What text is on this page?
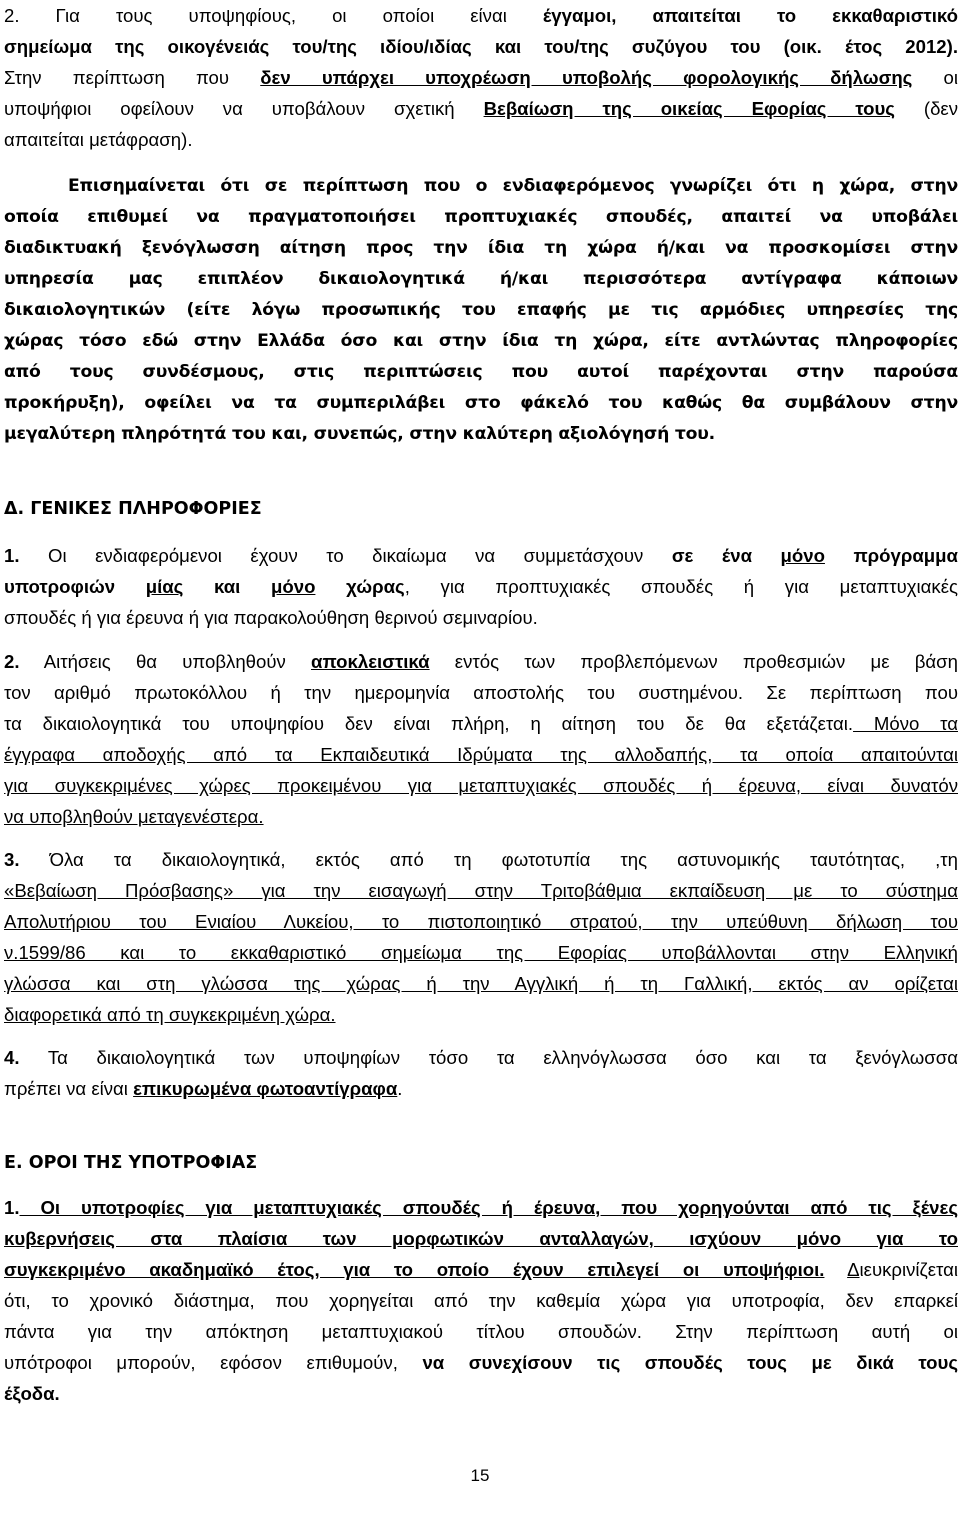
2. Για τους υποψηφίους, οι οποίοι είναι έγγαμοι, απαιτείται το εκκαθαριστικό
σημείωμα της οικογένειάς του/της ιδίου/ιδίας και του/της συζύγου του (οικ. έτος 2012).
Στην περίπτωση που δεν υπάρχει υποχρέωση υποβολής φορολογικής δήλωσης οι
υποψήφιοι οφείλουν να υποβάλουν σχετική Βεβαίωση της οικείας Εφορίας τους (δεν
απαιτείται μετάφραση).
Επισημαίνεται ότι σε περίπτωση που ο ενδιαφερόμενος γνωρίζει ότι η χώρα, στην
οποία επιθυμεί να πραγματοποιήσει προπτυχιακές σπουδές, απαιτεί να υποβάλει
διαδικτυακή ξενόγλωσση αίτηση προς την ίδια τη χώρα ή/και να προσκομίσει στην
υπηρεσία μας επιπλέον δικαιολογητικά ή/και περισσότερα αντίγραφα κάποιων
δικαιολογητικών (είτε λόγω προσωπικής του επαφής με τις αρμόδιες υπηρεσίες της
χώρας τόσο εδώ στην Ελλάδα όσο και στην ίδια τη χώρα, είτε αντλώντας πληροφορίες
από τους συνδέσμους, στις περιπτώσεις που αυτοί παρέχονται στην παρούσα
προκήρυξη), οφείλει να τα συμπεριλάβει στο φάκελό του καθώς θα συμβάλουν στην
μεγαλύτερη πληρότητά του και, συνεπώς, στην καλύτερη αξιολόγησή του.
Δ. ΓΕΝΙΚΕΣ ΠΛΗΡΟΦΟΡΙΕΣ
1. Οι ενδιαφερόμενοι έχουν το δικαίωμα να συμμετάσχουν σε ένα μόνο πρόγραμμα
υποτροφιών μίας και μόνο χώρας, για προπτυχιακές σπουδές ή για μεταπτυχιακές
σπουδές ή για έρευνα ή για παρακολούθηση θερινού σεμιναρίου.
2. Αιτήσεις θα υποβληθούν αποκλειστικά εντός των προβλεπόμενων προθεσμιών με βάση
τον αριθμό πρωτοκόλλου ή την ημερομηνία αποστολής του συστημένου. Σε περίπτωση που
τα δικαιολογητικά του υποψηφίου δεν είναι πλήρη, η αίτηση του δε θα εξετάζεται. Μόνο τα
έγγραφα αποδοχής από τα Εκπαιδευτικά Ιδρύματα της αλλοδαπής, τα οποία απαιτούνται
για συγκεκριμένες χώρες προκειμένου για μεταπτυχιακές σπουδές ή έρευνα, είναι δυνατόν
να υποβληθούν μεταγενέστερα.
3. Όλα τα δικαιολογητικά, εκτός από τη φωτοτυπία της αστυνομικής ταυτότητας, ,τη
«Βεβαίωση Πρόσβασης» για την εισαγωγή στην Τριτοβάθμια εκπαίδευση με το σύστημα
Απολυτήριου του Ενιαίου Λυκείου, το πιστοποιητικό στρατού, την υπεύθυνη δήλωση του
ν.1599/86 και το εκκαθαριστικό σημείωμα της Εφορίας υποβάλλονται στην Ελληνική
γλώσσα και στη γλώσσα της χώρας ή την Αγγλική ή τη Γαλλική, εκτός αν ορίζεται
διαφορετικά από τη συγκεκριμένη χώρα.
4. Τα δικαιολογητικά των υποψηφίων τόσο τα ελληνόγλωσσα όσο και τα ξενόγλωσσα
πρέπει να είναι επικυρωμένα φωτοαντίγραφα.
Ε. ΟΡΟΙ ΤΗΣ ΥΠΟΤΡΟΦΙΑΣ
1. Οι υποτροφίες για μεταπτυχιακές σπουδές ή έρευνα, που χορηγούνται από τις ξένες
κυβερνήσεις στα πλαίσια των μορφωτικών ανταλλαγών, ισχύουν μόνο για το
συγκεκριμένο ακαδημαϊκό έτος, για το οποίο έχουν επιλεγεί οι υποψήφιοι. Διευκρινίζεται
ότι, το χρονικό διάστημα, που χορηγείται από την καθεμία χώρα για υποτροφία, δεν επαρκεί
πάντα για την απόκτηση μεταπτυχιακού τίτλου σπουδών. Στην περίπτωση αυτή οι
υπότροφοι μπορούν, εφόσον επιθυμούν, να συνεχίσουν τις σπουδές τους με δικά τους
έξοδα.
15
